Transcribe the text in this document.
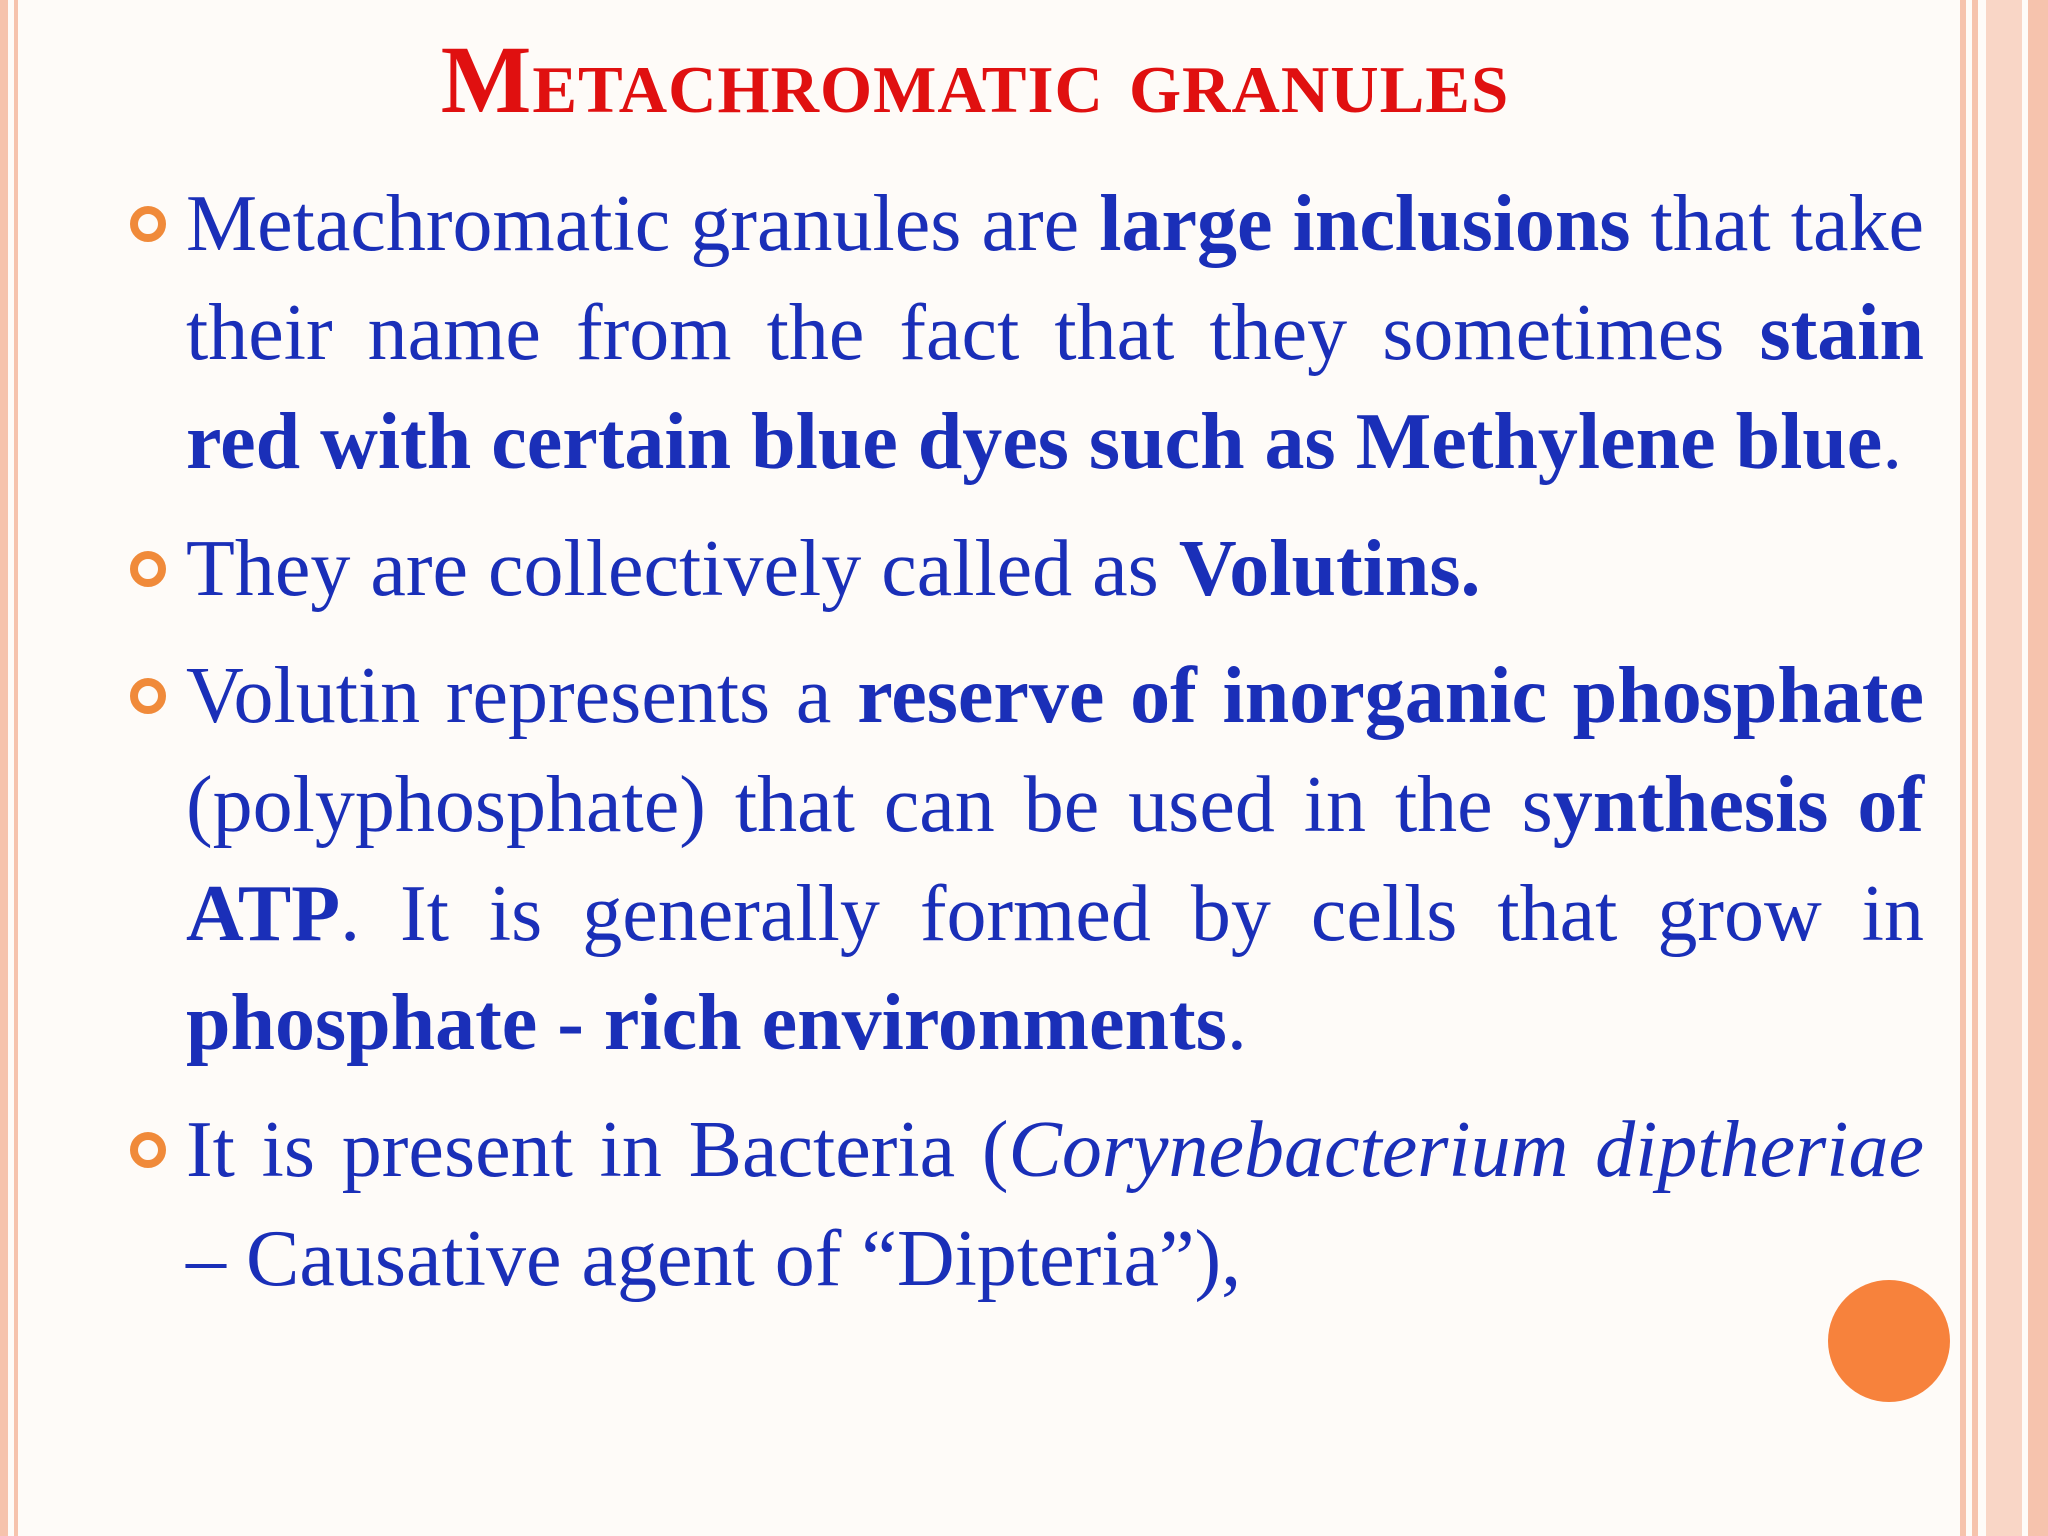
Metachromatic granules
Metachromatic granules are large inclusions that take their name from the fact that they sometimes stain red with certain blue dyes such as Methylene blue.
They are collectively called as Volutins.
Volutin represents a reserve of inorganic phosphate (polyphosphate) that can be used in the synthesis of ATP. It is generally formed by cells that grow in phosphate - rich environments.
It is present in Bacteria (Corynebacterium diptheriae – Causative agent of “Dipteria”),
